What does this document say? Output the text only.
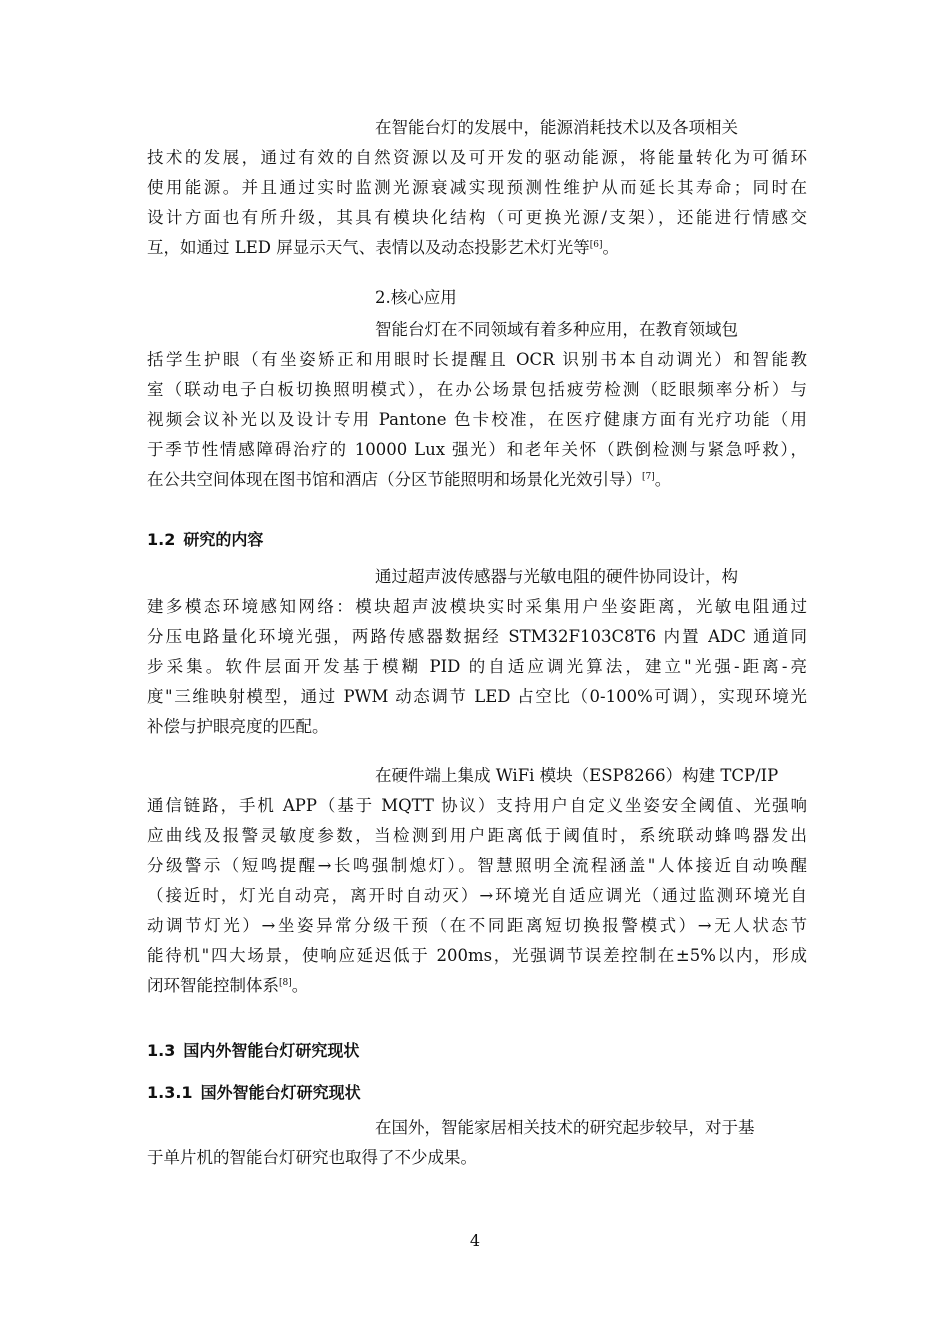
在智能台灯的发展中，能源消耗技术以及各项相关
技术的发展，通过有效的自然资源以及可开发的驱动能源，将能量转化为可循环
使用能源。并且通过实时监测光源衰减实现预测性维护从而延长其寿命；同时在
设计方面也有所升级，其具有模块化结构（可更换光源/支架），还能进行情感交
互，如通过 LED 屏显示天气、表情以及动态投影艺术灯光等[6]。
2.核心应用
智能台灯在不同领域有着多种应用，在教育领域包
括学生护眼（有坐姿矫正和用眼时长提醒且 OCR 识别书本自动调光）和智能教
室（联动电子白板切换照明模式），在办公场景包括疲劳检测（眨眼频率分析）与
视频会议补光以及设计专用 Pantone 色卡校准，在医疗健康方面有光疗功能（用
于季节性情感障碍治疗的 10000 Lux 强光）和老年关怀（跌倒检测与紧急呼救），
在公共空间体现在图书馆和酒店（分区节能照明和场景化光效引导）[7]。
1.2 研究的内容
通过超声波传感器与光敏电阻的硬件协同设计，构
建多模态环境感知网络：模块超声波模块实时采集用户坐姿距离，光敏电阻通过
分压电路量化环境光强，两路传感器数据经 STM32F103C8T6 内置 ADC 通道同
步采集。软件层面开发基于模糊 PID 的自适应调光算法，建立"光强-距离-亮
度"三维映射模型，通过 PWM 动态调节 LED 占空比（0-100%可调），实现环境光
补偿与护眼亮度的匹配。
在硬件端上集成 WiFi 模块（ESP8266）构建 TCP/IP
通信链路，手机 APP（基于 MQTT 协议）支持用户自定义坐姿安全阈值、光强响
应曲线及报警灵敏度参数，当检测到用户距离低于阈值时，系统联动蜂鸣器发出
分级警示（短鸣提醒→长鸣强制熄灯）。智慧照明全流程涵盖"人体接近自动唤醒
（接近时，灯光自动亮，离开时自动灭）→环境光自适应调光（通过监测环境光自
动调节灯光）→坐姿异常分级干预（在不同距离短切换报警模式）→无人状态节
能待机"四大场景，使响应延迟低于 200ms，光强调节误差控制在±5%以内，形成
闭环智能控制体系[8]。
1.3 国内外智能台灯研究现状
1.3.1 国外智能台灯研究现状
在国外，智能家居相关技术的研究起步较早，对于基
于单片机的智能台灯研究也取得了不少成果。
4
